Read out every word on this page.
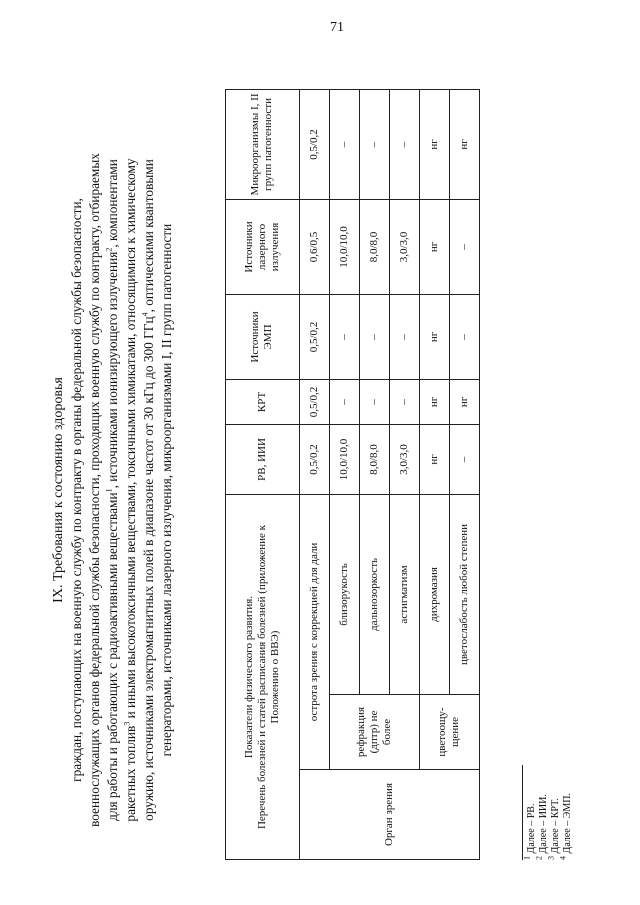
71
IX. Требования к состоянию здоровья граждан, поступающих на военную службу по контракту в органы федеральной службы безопасности, военнослужащих органов федеральной службы безопасности, проходящих военную службу по контракту, отбираемых для работы и работающих с радиоактивными веществами$^1$, источниками ионизирующего излучения$^2$, компонентами
ракетных топлив$^3$ и иными высокотоксичными веществами, токсичными химикатами, относящимися к химическому оружию, источниками электромагнитных полей в диапазоне частот от 30 кГц до 300 ГГц$^4$, оптическими квантовыми генераторами, источниками лазерного излучения, микроорганизмами I, II групп патогенности	Показатели физического развития. Перечень болезней и статей расписания болезней (приложение к Положению о ВВЭ)			РВ, ИИИ	КРТ	Источники ЭМП	Источники лазерного излучения	Микроорганизмы I, II групп патогенности
Орган зрения	острота зрения с коррекцией для дали		0,5/0,2	0,5/0,2	0,5/0,2	0,6/0,5	0,5/0,2
	рефракция (дптр) не более	близорукость	10,0/10,0	–	–	10,0/10,0	–
		дальнозоркость	8,0/8,0	–	–	8,0/8,0	–
		астигматизм	3,0/3,0	–	–	3,0/3,0	–
	цветоощу-щение	дихромазия	нг	нг	нг	нг	нг
		цветослабость любой степени	–	нг	–	–	нг
$^1$ Далее – РВ.
$^2$ Далее – ИИИ.
$^3$ Далее – КРТ.
$^4$ Далее – ЭМП.
